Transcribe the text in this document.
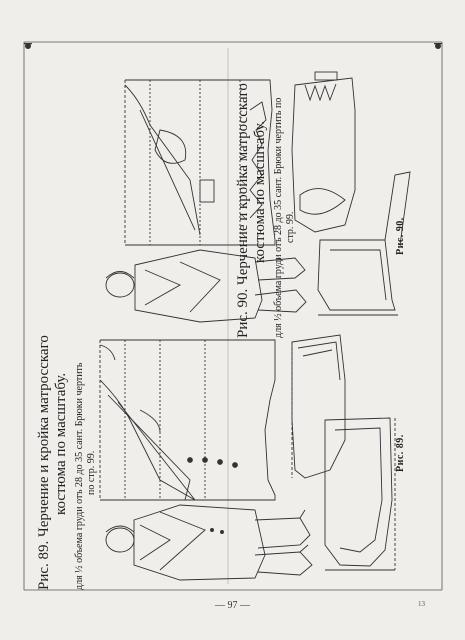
Рис. 89. Черчение и кройка матросскаго костюма по масштабу. для ½ объема груди отъ 28 до 35 сант. Брюки чертить по стр. 99.
Рис. 90. Черчение и кройка матросскаго костюма по масштабу. для ½ объема груди отъ 28 до 35 сант. Брюки чертить по стр. 99.
Рис. 89.
Рис. 90.
— 97 —	13
